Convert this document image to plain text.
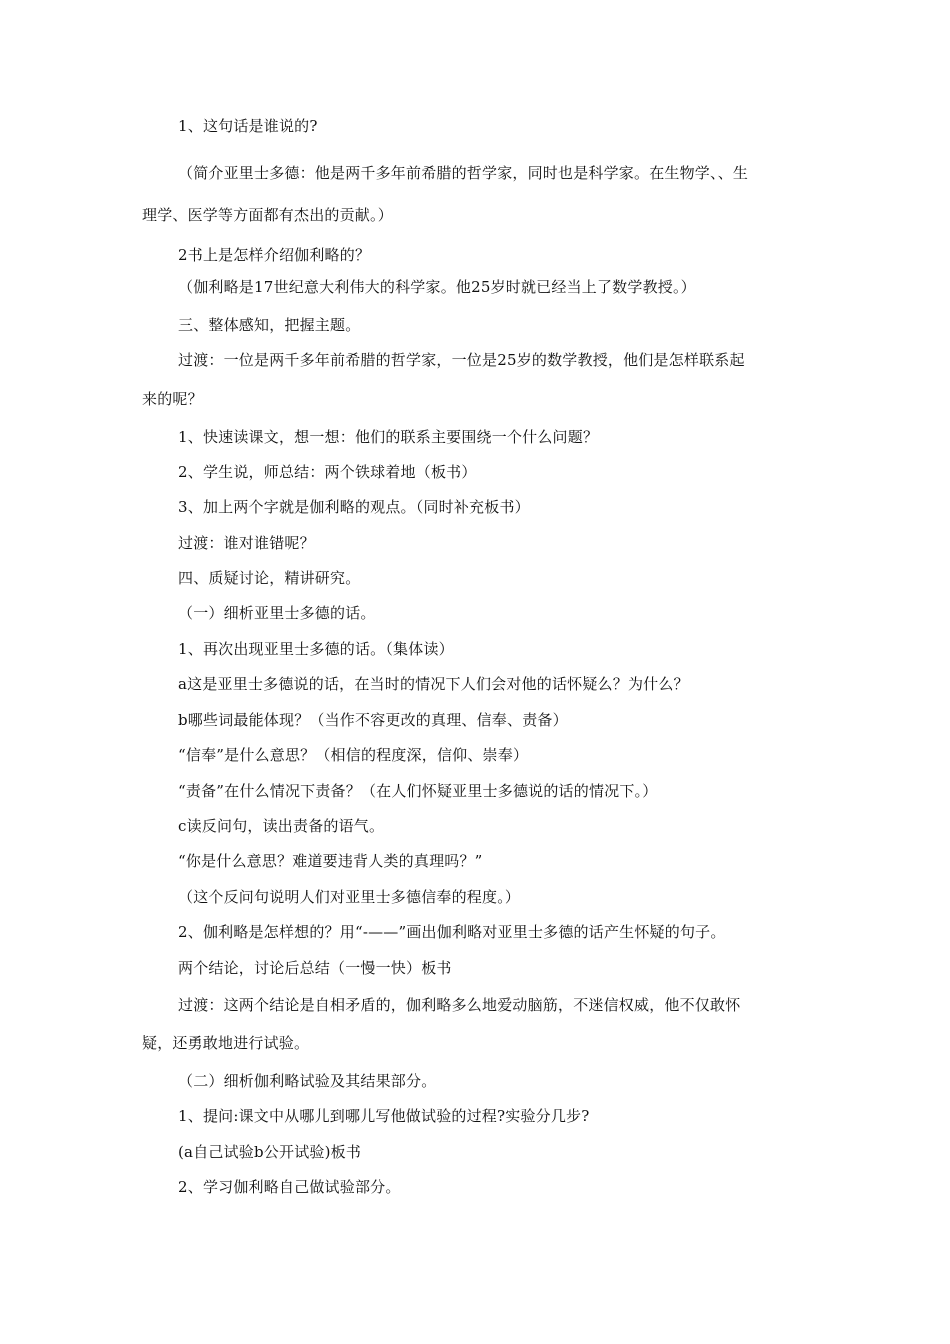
1、这句话是谁说的?
（简介亚里士多德：他是两千多年前希腊的哲学家，同时也是科学家。在生物学、、生
理学、医学等方面都有杰出的贡献。）
2书上是怎样介绍伽利略的？
（伽利略是17世纪意大利伟大的科学家。他25岁时就已经当上了数学教授。）
三、整体感知，把握主题。
过渡：一位是两千多年前希腊的哲学家，一位是25岁的数学教授，他们是怎样联系起
来的呢？
1、快速读课文，想一想：他们的联系主要围绕一个什么问题？
2、学生说，师总结：两个铁球着地（板书）
3、加上两个字就是伽利略的观点。（同时补充板书）
过渡：谁对谁错呢？
四、质疑讨论，精讲研究。
（一）细析亚里士多德的话。
1、再次出现亚里士多德的话。（集体读）
a这是亚里士多德说的话，在当时的情况下人们会对他的话怀疑么？为什么？
b哪些词最能体现？（当作不容更改的真理、信奉、责备）
“信奉”是什么意思？（相信的程度深，信仰、崇奉）
“责备”在什么情况下责备？（在人们怀疑亚里士多德说的话的情况下。）
c读反问句，读出责备的语气。
“你是什么意思？难道要违背人类的真理吗？”
（这个反问句说明人们对亚里士多德信奉的程度。）
2、伽利略是怎样想的？用“-——”画出伽利略对亚里士多德的话产生怀疑的句子。
两个结论，讨论后总结（一慢一快）板书
过渡：这两个结论是自相矛盾的，伽利略多么地爱动脑筋，不迷信权威，他不仅敢怀
疑，还勇敢地进行试验。
（二）细析伽利略试验及其结果部分。
1、提问:课文中从哪儿到哪儿写他做试验的过程?实验分几步?
(a自己试验b公开试验)板书
2、学习伽利略自己做试验部分。
